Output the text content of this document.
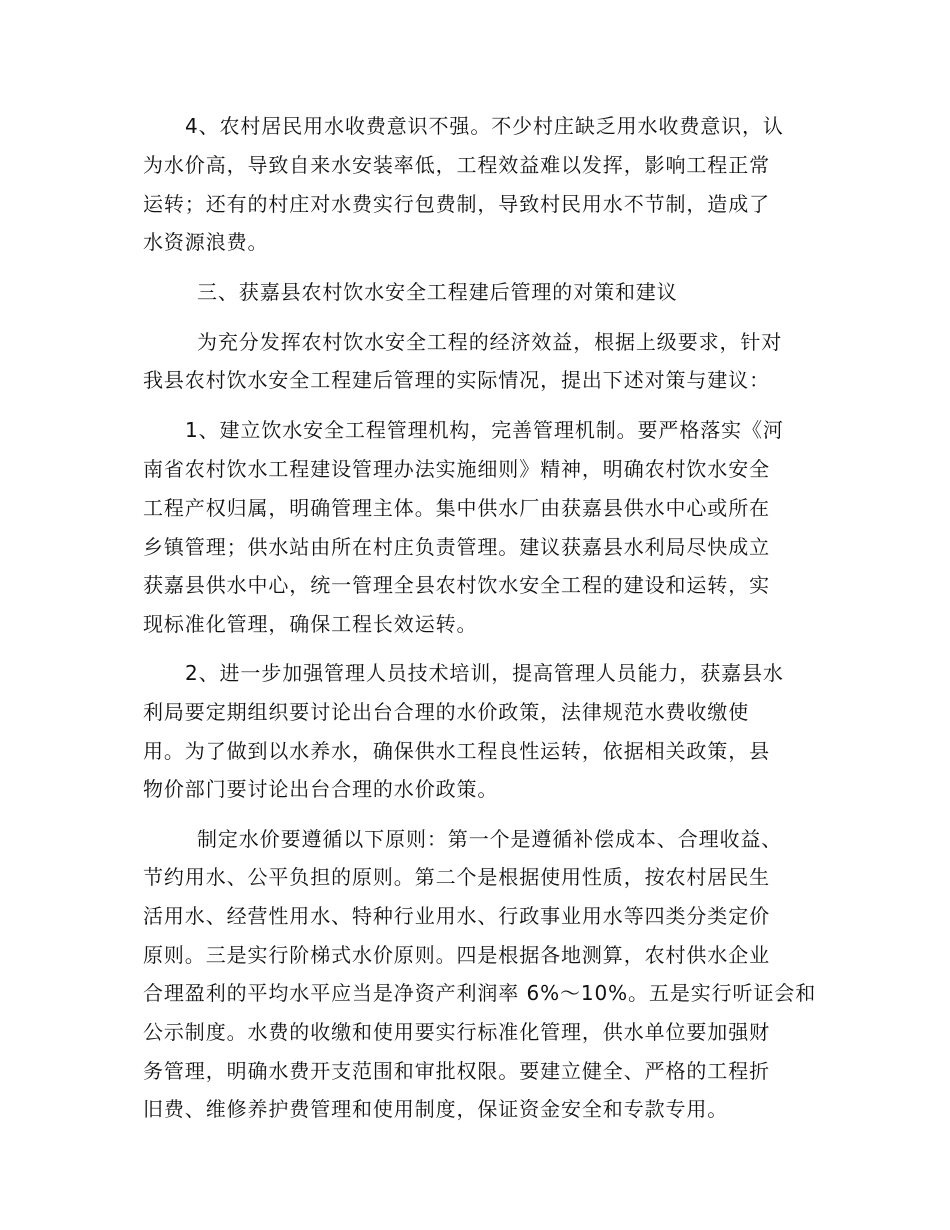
4、农村居民用水收费意识不强。不少村庄缺乏用水收费意识，认
为水价高，导致自来水安装率低，工程效益难以发挥，影响工程正常
运转；还有的村庄对水费实行包费制，导致村民用水不节制，造成了
水资源浪费。
三、获嘉县农村饮水安全工程建后管理的对策和建议
为充分发挥农村饮水安全工程的经济效益，根据上级要求，针对
我县农村饮水安全工程建后管理的实际情况，提出下述对策与建议：
1、建立饮水安全工程管理机构，完善管理机制。要严格落实《河
南省农村饮水工程建设管理办法实施细则》精神，明确农村饮水安全
工程产权归属，明确管理主体。集中供水厂由获嘉县供水中心或所在
乡镇管理；供水站由所在村庄负责管理。建议获嘉县水利局尽快成立
获嘉县供水中心，统一管理全县农村饮水安全工程的建设和运转，实
现标准化管理，确保工程长效运转。
2、进一步加强管理人员技术培训，提高管理人员能力，获嘉县水
利局要定期组织要讨论出台合理的水价政策，法律规范水费收缴使
用。为了做到以水养水，确保供水工程良性运转，依据相关政策，县
物价部门要讨论出台合理的水价政策。
制定水价要遵循以下原则：第一个是遵循补偿成本、合理收益、
节约用水、公平负担的原则。第二个是根据使用性质，按农村居民生
活用水、经营性用水、特种行业用水、行政事业用水等四类分类定价
原则。三是实行阶梯式水价原则。四是根据各地测算，农村供水企业
合理盈利的平均水平应当是净资产利润率 6%～10%。五是实行听证会和
公示制度。水费的收缴和使用要实行标准化管理，供水单位要加强财
务管理，明确水费开支范围和审批权限。要建立健全、严格的工程折
旧费、维修养护费管理和使用制度，保证资金安全和专款专用。
